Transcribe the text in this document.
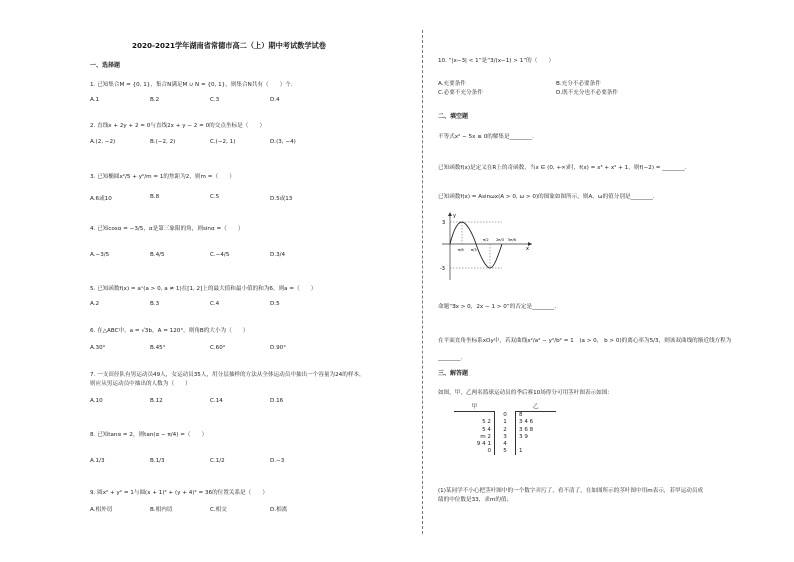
2020-2021学年湖南省常德市高二（上）期中考试数学试卷
一、选择题
1. 已知集合M = {0, 1}，集合N满足M ∪ N = {0, 1}，则集合N共有（　　）个.
A.1	B.2	C.3	D.4
2. 直线x + 2y + 2 = 0与直线2x + y − 2 = 0的交点坐标是（　　）
A.(2, −2)	B.(−2, 2)	C.(−2, 1)	D.(3, −4)
3. 已知椭圆x²/5 + y²/m = 1的焦距为2，则m =（　　）
A.6或10	B.8	C.5	D.5或13
4. 已知cosα = −3/5，α是第三象限的角，则sinα =（　　）
A.−3/5	B.4/5	C.−4/5	D.3/4
5. 已知函数f(x) = aˣ(a > 0, a ≠ 1)在[1, 2]上的最大值和最小值的和为6，则a =（　　）
A.2	B.3	C.4	D.5
6. 在△ABC中，a = √3b，A = 120°，则角B的大小为（　　）
A.30°	B.45°	C.60°	D.90°
7. 一支田径队有男运动员49人，女运动员35人，用分层抽样的方法从全体运动员中抽出一个容量为24的样本，
则应从男运动员中抽出的人数为（　　）
A.10	B.12	C.14	D.16
8. 已知tanα = 2，则tan(α − π/4) =（　　）
A.1/3	B.1/3	C.1/2	D.−3
9. 圆x² + y² = 1与圆(x + 1)² + (y + 4)² = 36的位置关系是（　　）
A.相外切	B.相内切	C.相交	D.相离
10. “|x−3| < 1”是“3/(x−1) > 1”的（　　）
A.充要条件	B.充分不必要条件
C.必要不充分条件	D.既不充分也不必要条件
二、填空题
不等式x² − 5x ≤ 0的解集是________.
已知函数f(x)是定义在R上的奇函数，当x ∈ (0, +∞)时，f(x) = x³ + x² + 1，则f(−2) = ________.
已知函数f(x) = Asinωx(A > 0, ω > 0)的图象如图所示，则A，ω的值分别是________.
3
-3
y
x
π/6 π/3
π/2 2π/3 5π/6
命题“∃x > 0，2x − 1 > 0”的否定是________.
在平面直角坐标系xOy中，若双曲线x²/a² − y²/b² = 1　(a > 0,　b > 0)的离心率为5/3，则该双曲线的渐近线方程为
________.
三、解答题
如图，甲，乙两名篮球运动员的季后赛10场得分可用茎叶图表示如图：
甲		乙
	0	8
5 2	1	3 4 6
5 4	2	3 6 8
m 2	3	3 9
9 4 1	4	
0	5	1
(1)某同学不小心把茎叶图中的一个数字弄污了，看不清了，在如图所示的茎叶图中用m表示，若甲运动员成
绩的中位数是33，求m的值；
